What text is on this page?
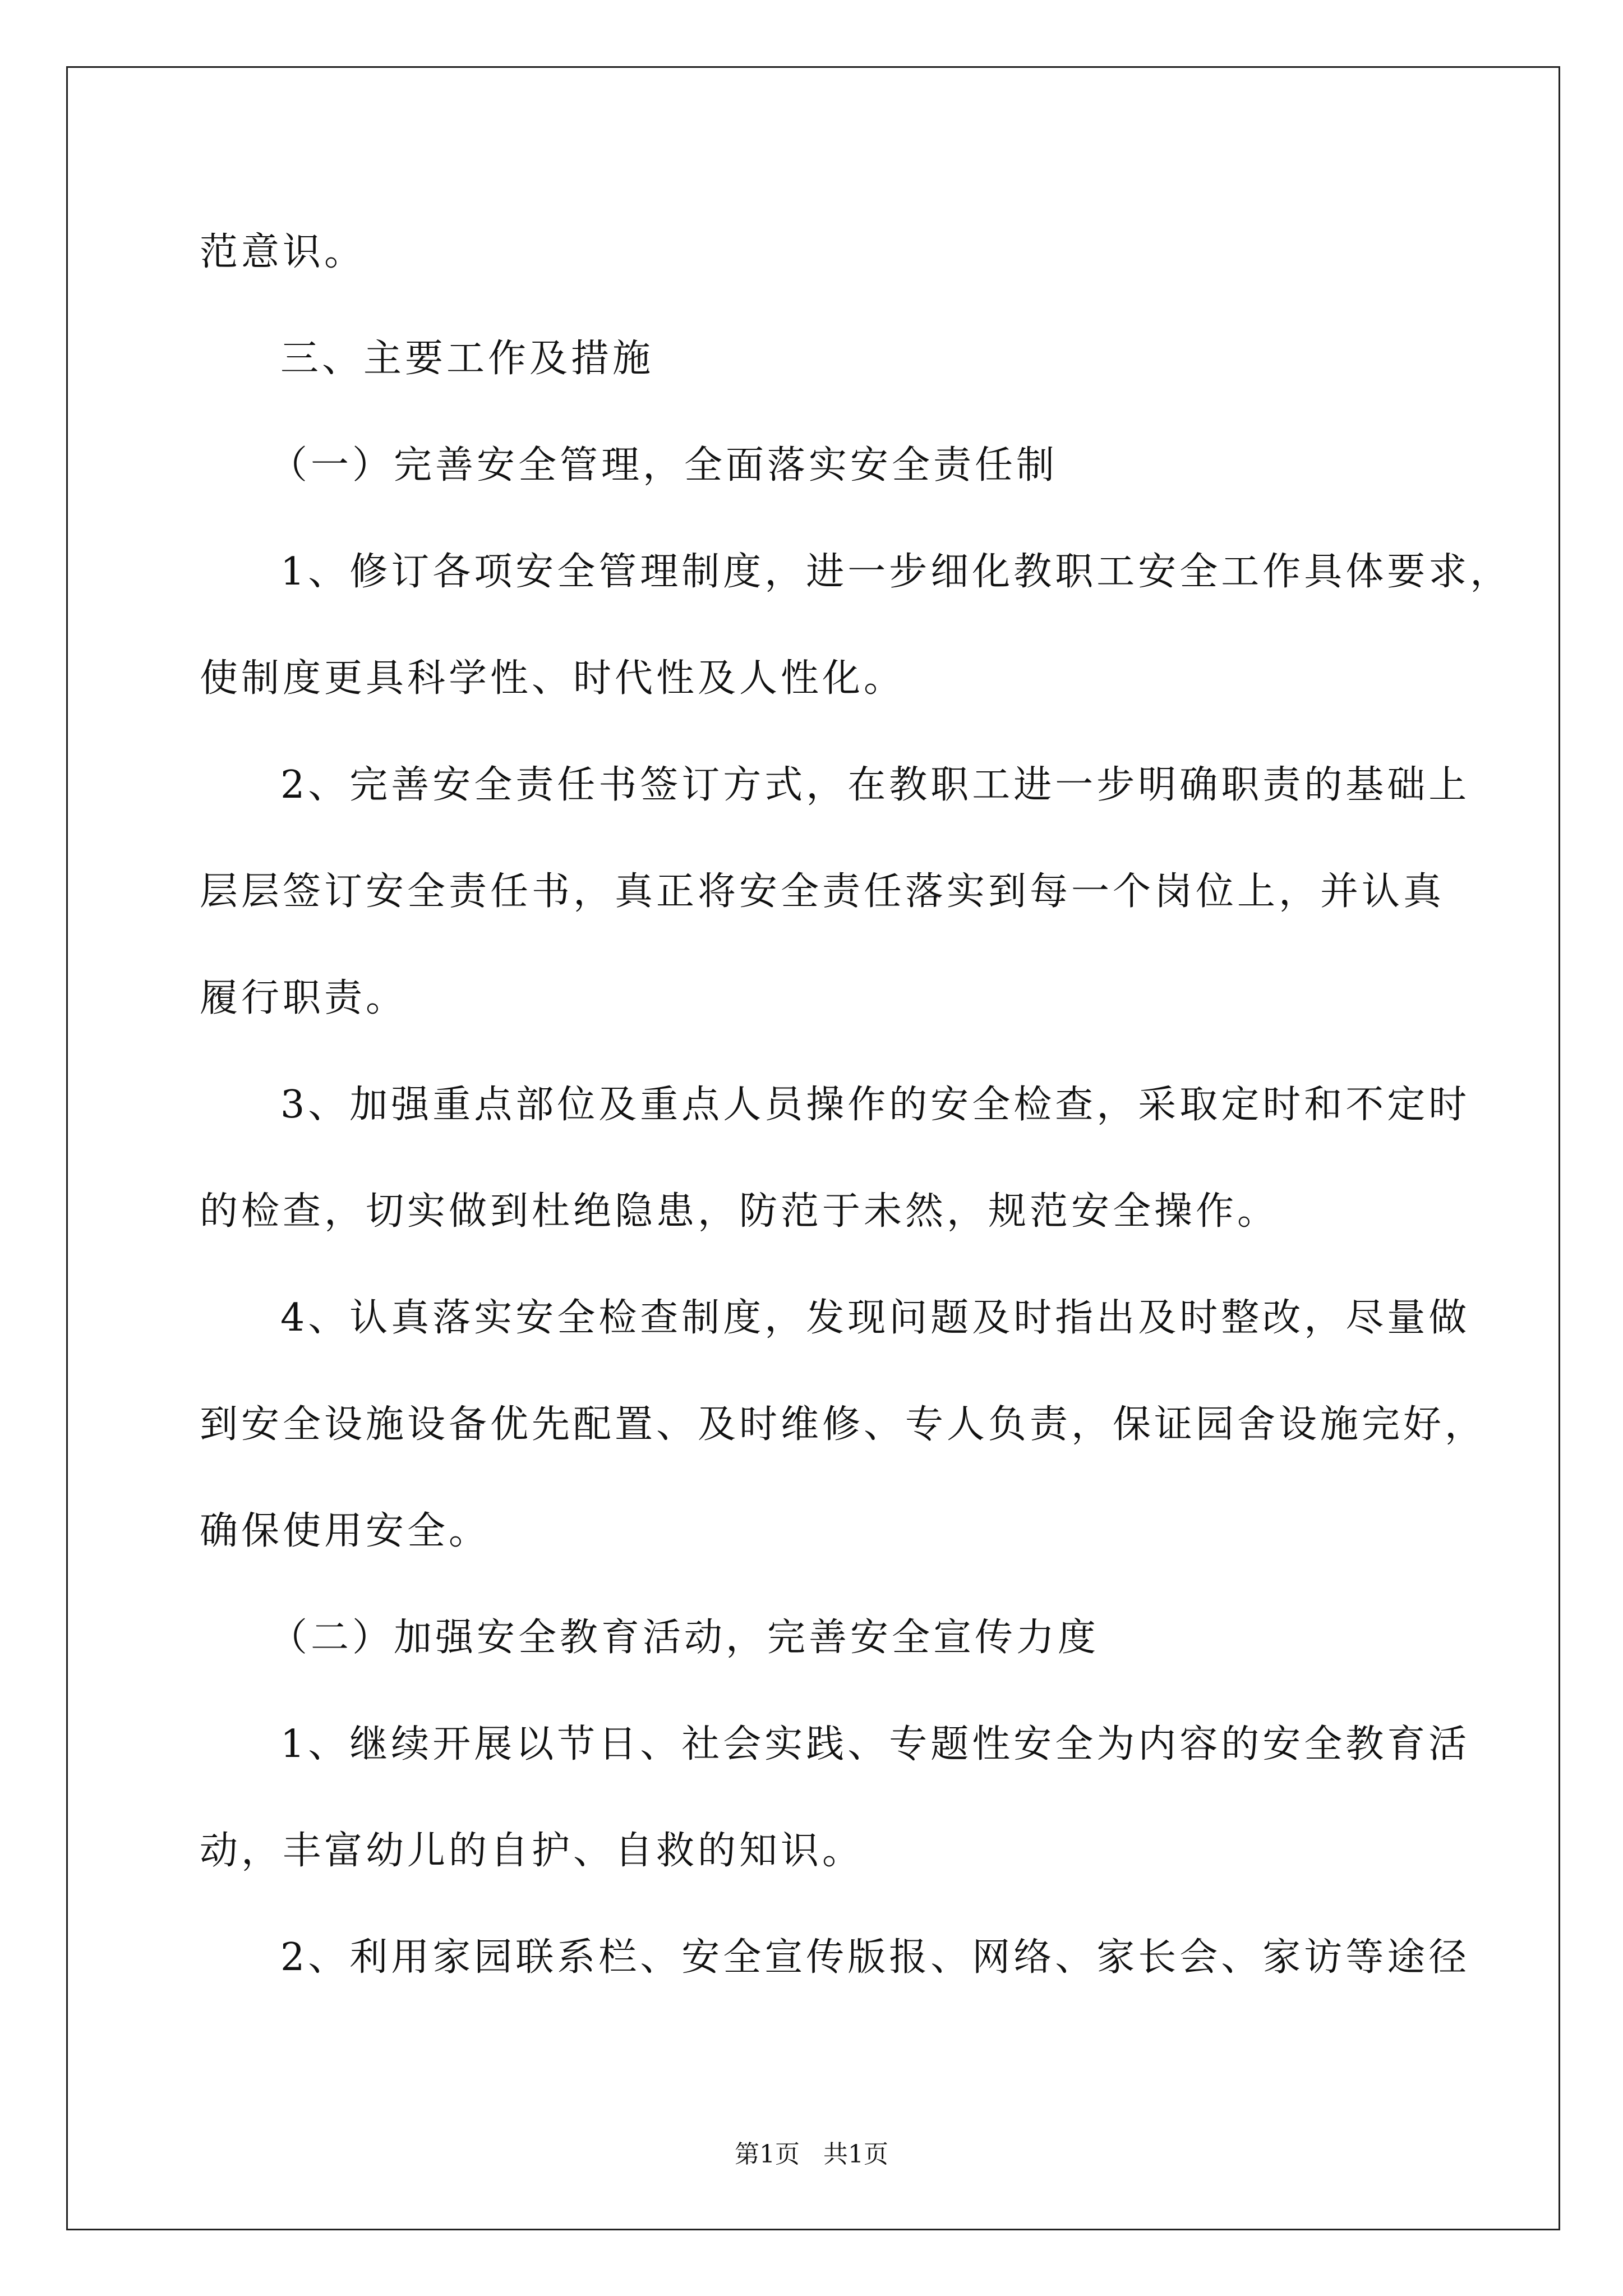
范意识。
三、主要工作及措施
（一）完善安全管理，全面落实安全责任制
1、修订各项安全管理制度，进一步细化教职工安全工作具体要求，
使制度更具科学性、时代性及人性化。
2、完善安全责任书签订方式，在教职工进一步明确职责的基础上
层层签订安全责任书，真正将安全责任落实到每一个岗位上，并认真
履行职责。
3、加强重点部位及重点人员操作的安全检查，采取定时和不定时
的检查，切实做到杜绝隐患，防范于未然，规范安全操作。
4、认真落实安全检查制度，发现问题及时指出及时整改，尽量做
到安全设施设备优先配置、及时维修、专人负责，保证园舍设施完好，
确保使用安全。
（二）加强安全教育活动，完善安全宣传力度
1、继续开展以节日、社会实践、专题性安全为内容的安全教育活
动，丰富幼儿的自护、自救的知识。
2、利用家园联系栏、安全宣传版报、网络、家长会、家访等途径
第1页   共1页
